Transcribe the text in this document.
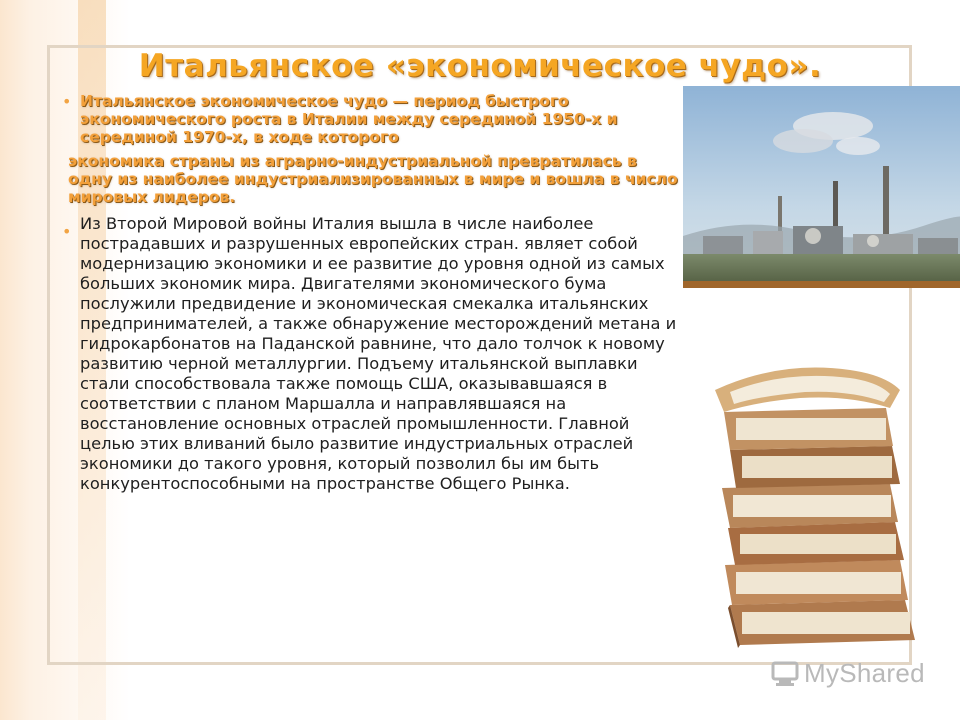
Итальянское «экономическое чудо».
• Итальянское экономическое чудо — период быстрого экономического роста в Италии между серединой 1950-х и серединой 1970-х, в ходе которого
экономика страны из аграрно-индустриальной превратилась в одну из наиболее индустриализированных в мире и вошла в число мировых лидеров.
• Из Второй Мировой войны Италия вышла в числе наиболее пострадавших и разрушенных европейских стран. являет собой модернизацию экономики и ее развитие до уровня одной из самых больших экономик мира. Двигателями экономического бума послужили предвидение и экономическая смекалка итальянских предпринимателей, а также обнаружение месторождений метана и гидрокарбонатов на Паданской равнине, что дало толчок к новому развитию черной металлургии. Подъему итальянской выплавки стали способствовала также помощь США, оказывавшаяся в соответствии с планом Маршалла и направлявшаяся на восстановление основных отраслей промышленности. Главной целью этих вливаний было развитие индустриальных отраслей экономики до такого уровня, который позволил бы им быть конкурентоспособными на пространстве Общего Рынка.
MyShared
